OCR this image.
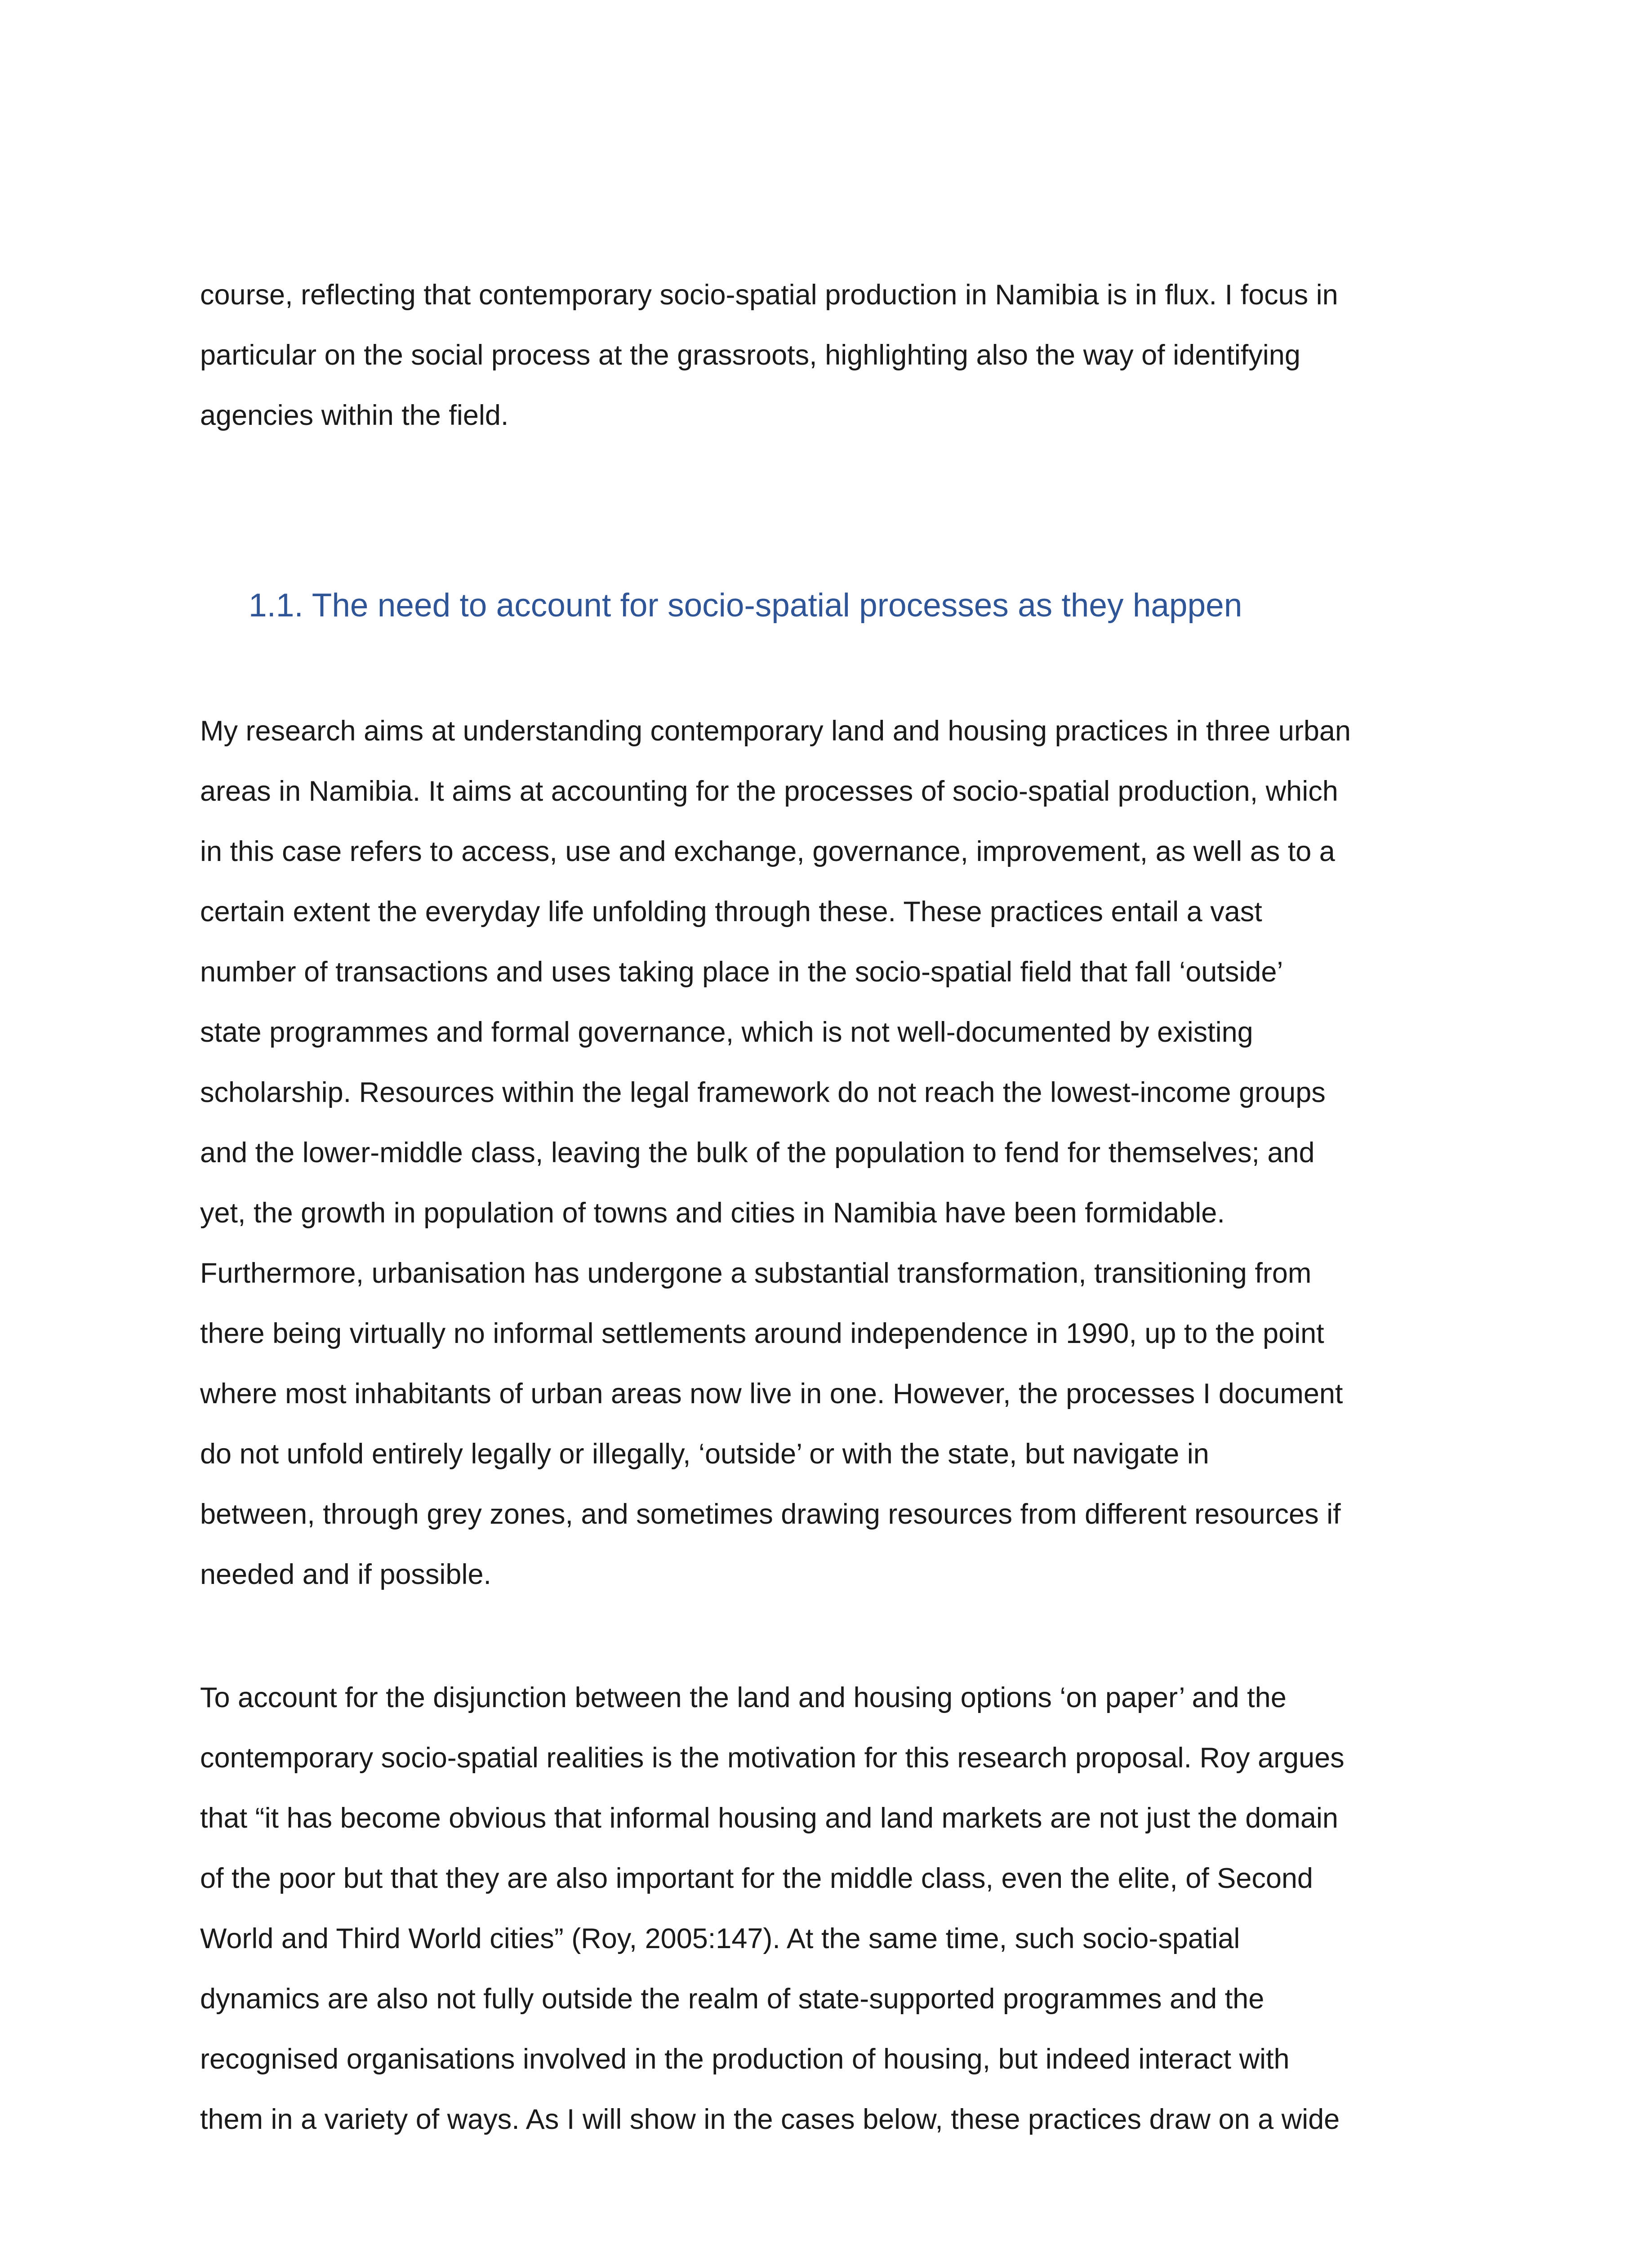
course, reflecting that contemporary socio-spatial production in Namibia is in flux. I focus in
particular on the social process at the grassroots, highlighting also the way of identifying
agencies within the field.
1.1. The need to account for socio-spatial processes as they happen
My research aims at understanding contemporary land and housing practices in three urban
areas in Namibia. It aims at accounting for the processes of socio-spatial production, which
in this case refers to access, use and exchange, governance, improvement, as well as to a
certain extent the everyday life unfolding through these. These practices entail a vast
number of transactions and uses taking place in the socio-spatial field that fall ‘outside’
state programmes and formal governance, which is not well-documented by existing
scholarship. Resources within the legal framework do not reach the lowest-income groups
and the lower-middle class, leaving the bulk of the population to fend for themselves; and
yet, the growth in population of towns and cities in Namibia have been formidable.
Furthermore, urbanisation has undergone a substantial transformation, transitioning from
there being virtually no informal settlements around independence in 1990, up to the point
where most inhabitants of urban areas now live in one. However, the processes I document
do not unfold entirely legally or illegally, ‘outside’ or with the state, but navigate in
between, through grey zones, and sometimes drawing resources from different resources if
needed and if possible.
To account for the disjunction between the land and housing options ‘on paper’ and the
contemporary socio-spatial realities is the motivation for this research proposal. Roy argues
that “it has become obvious that informal housing and land markets are not just the domain
of the poor but that they are also important for the middle class, even the elite, of Second
World and Third World cities” (Roy, 2005:147). At the same time, such socio-spatial
dynamics are also not fully outside the realm of state-supported programmes and the
recognised organisations involved in the production of housing, but indeed interact with
them in a variety of ways. As I will show in the cases below, these practices draw on a wide
